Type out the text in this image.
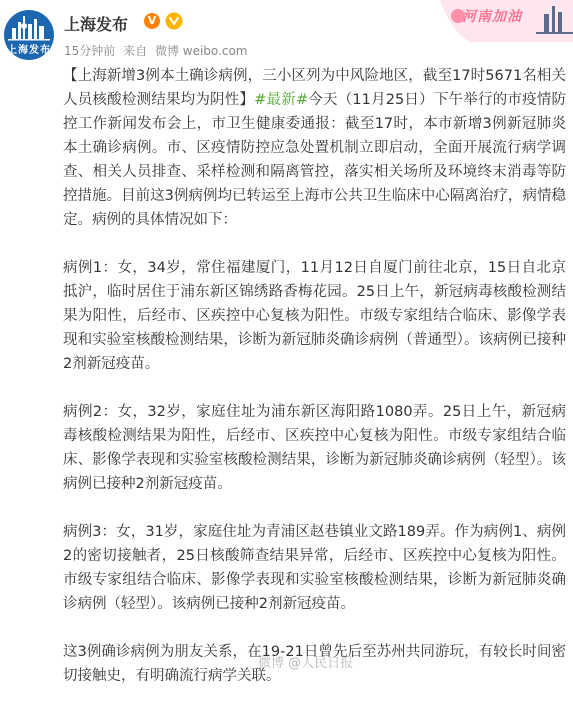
上海发布
上海发布	V
15分钟前 来自 微博 weibo.com
河南加油

【上海新增3例本土确诊病例，三小区列为中风险地区，截至17时5671名相关人员核酸检测结果均为阴性】#最新#今天（11月25日）下午举行的市疫情防控工作新闻发布会上，市卫生健康委通报：截至17时，本市新增3例新冠肺炎本土确诊病例。市、区疫情防控应急处置机制立即启动，全面开展流行病学调查、相关人员排查、采样检测和隔离管控，落实相关场所及环境终末消毒等防控措施。目前这3例病例均已转运至上海市公共卫生临床中心隔离治疗，病情稳定。病例的具体情况如下：

病例1：女，34岁，常住福建厦门，11月12日自厦门前往北京，15日自北京抵沪，临时居住于浦东新区锦绣路香梅花园。25日上午，新冠病毒核酸检测结果为阳性，后经市、区疾控中心复核为阳性。市级专家组结合临床、影像学表现和实验室核酸检测结果，诊断为新冠肺炎确诊病例（普通型）。该病例已接种2剂新冠疫苗。

病例2：女，32岁，家庭住址为浦东新区海阳路1080弄。25日上午，新冠病毒核酸检测结果为阳性，后经市、区疾控中心复核为阳性。市级专家组结合临床、影像学表现和实验室核酸检测结果，诊断为新冠肺炎确诊病例（轻型）。该病例已接种2剂新冠疫苗。

病例3：女，31岁，家庭住址为青浦区赵巷镇业文路189弄。作为病例1、病例2的密切接触者，25日核酸筛查结果异常，后经市、区疾控中心复核为阳性。市级专家组结合临床、影像学表现和实验室核酸检测结果，诊断为新冠肺炎确诊病例（轻型）。该病例已接种2剂新冠疫苗。

这3例确诊病例为朋友关系，在19-21日曾先后至苏州共同游玩，有较长时间密切接触史，有明确流行病学关联。

微博 @人民日报
